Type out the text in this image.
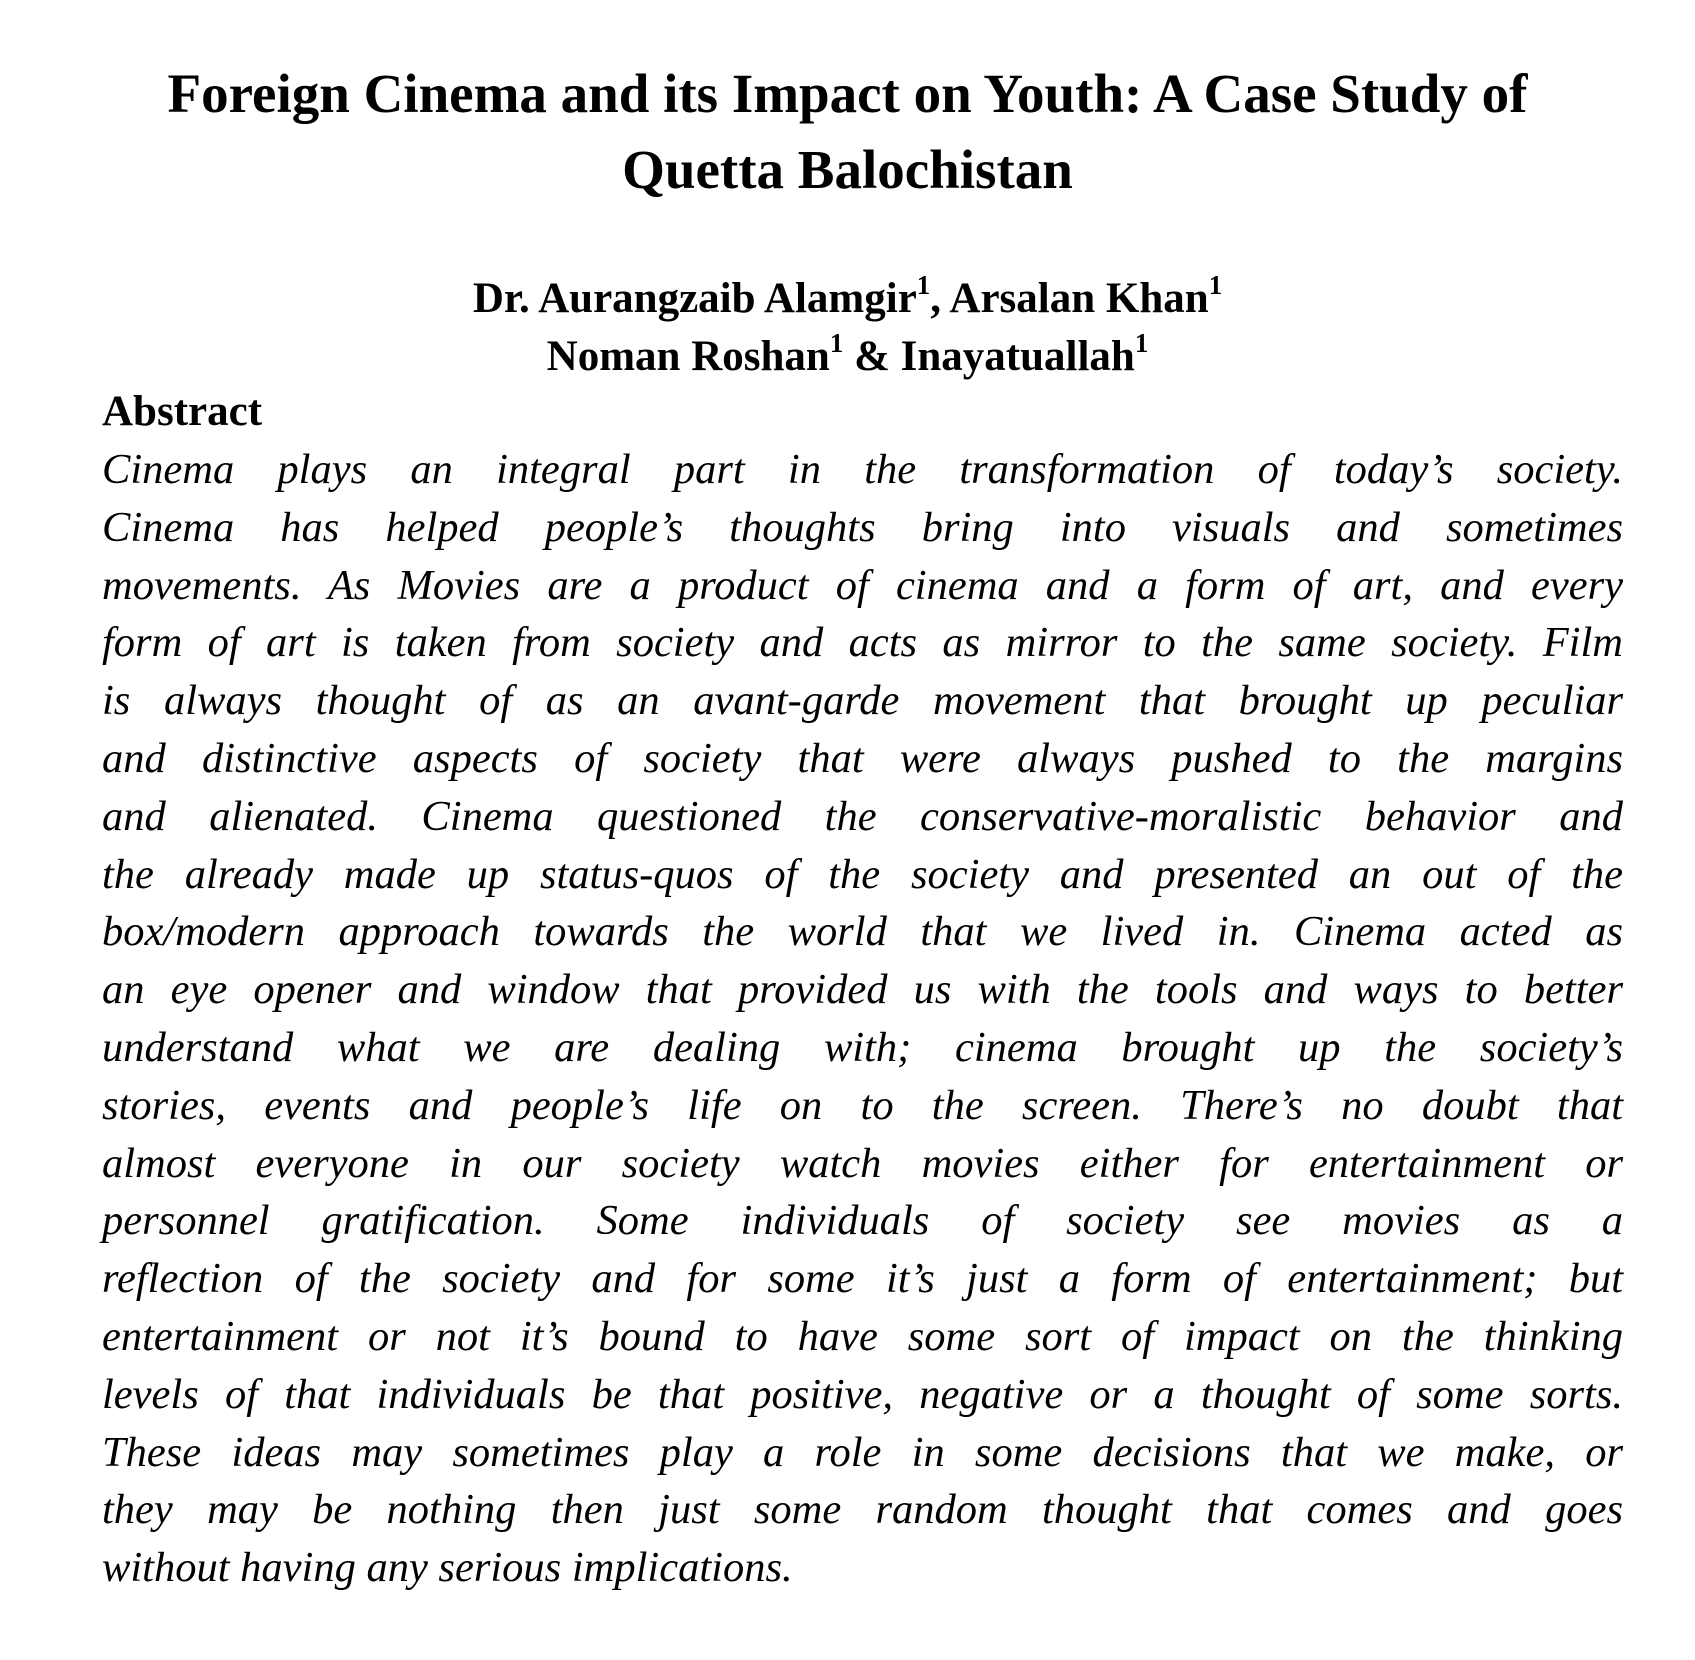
Foreign Cinema and its Impact on Youth: A Case Study of
Quetta Balochistan
Dr. Aurangzaib Alamgir$^1$, Arsalan Khan$^1$
Noman Roshan$^1$ & Inayatuallah$^1$
Abstract
Cinema plays an integral part in the transformation of today’s society.
Cinema has helped people’s thoughts bring into visuals and sometimes
movements. As Movies are a product of cinema and a form of art, and every
form of art is taken from society and acts as mirror to the same society. Film
is always thought of as an avant-garde movement that brought up peculiar
and distinctive aspects of society that were always pushed to the margins
and alienated. Cinema questioned the conservative-moralistic behavior and
the already made up status-quos of the society and presented an out of the
box/modern approach towards the world that we lived in. Cinema acted as
an eye opener and window that provided us with the tools and ways to better
understand what we are dealing with; cinema brought up the society’s
stories, events and people’s life on to the screen. There’s no doubt that
almost everyone in our society watch movies either for entertainment or
personnel gratification. Some individuals of society see movies as a
reflection of the society and for some it’s just a form of entertainment; but
entertainment or not it’s bound to have some sort of impact on the thinking
levels of that individuals be that positive, negative or a thought of some sorts.
These ideas may sometimes play a role in some decisions that we make, or
they may be nothing then just some random thought that comes and goes
without having any serious implications.
